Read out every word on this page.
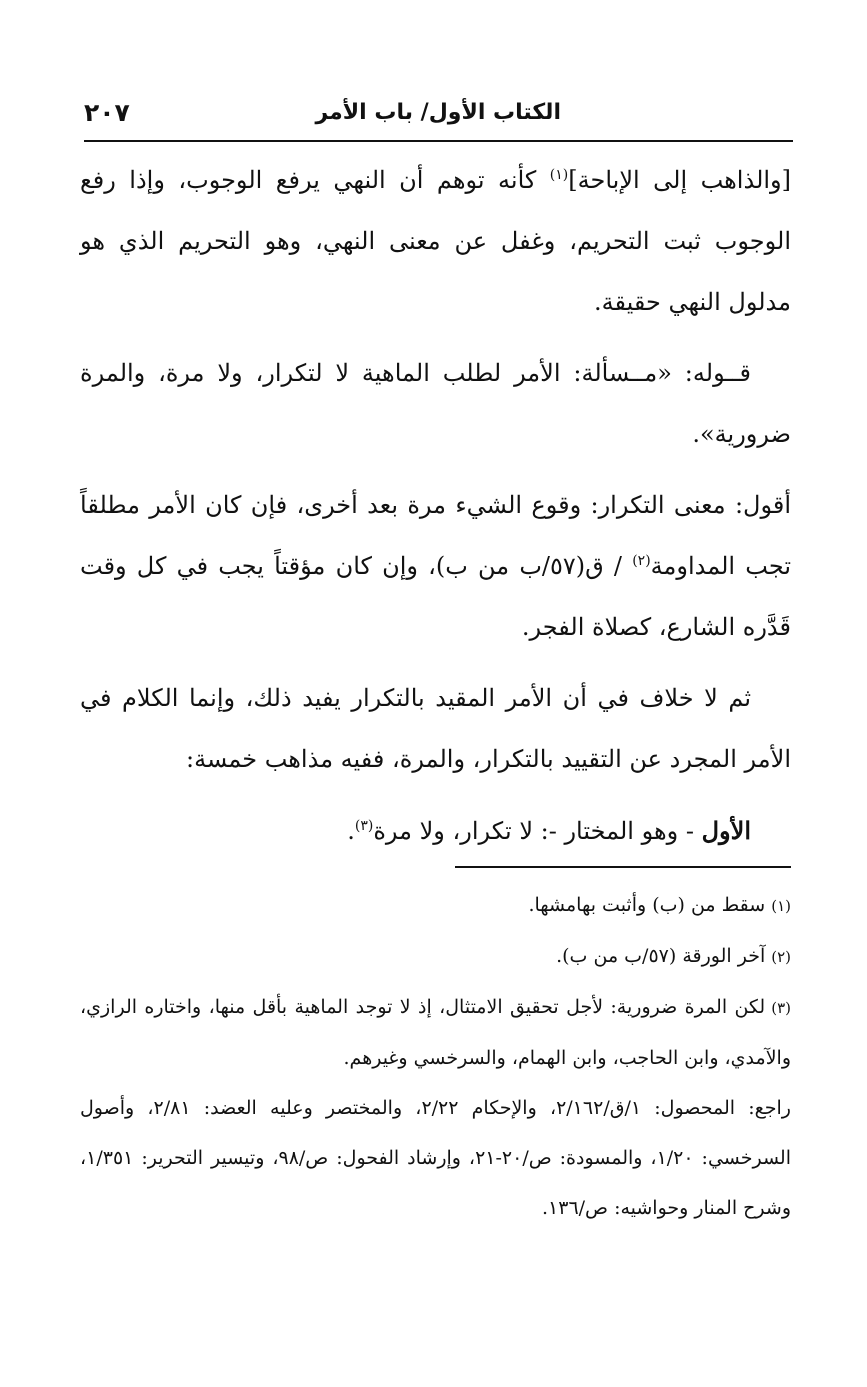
الكتاب الأول/ باب الأمر
٢٠٧

[والذاهب إلى الإباحة]$^{(١)}$ كأنه توهم أن النهي يرفع الوجوب، وإذا رفع الوجوب ثبت التحريم، وغفل عن معنى النهي، وهو التحريم الذي هو مدلول النهي حقيقة.

قــوله: «مــسألة: الأمر لطلب الماهية لا لتكرار، ولا مرة، والمرة ضرورية».

أقول: معنى التكرار: وقوع الشيء مرة بعد أخرى، فإن كان الأمر مطلقاً تجب المداومة$^{(٢)}$ / ق(٥٧/ب من ب)، وإن كان مؤقتاً يجب في كل وقت قَدَّره الشارع، كصلاة الفجر.

ثم لا خلاف في أن الأمر المقيد بالتكرار يفيد ذلك، وإنما الكلام في الأمر المجرد عن التقييد بالتكرار، والمرة، ففيه مذاهب خمسة:

الأول - وهو المختار -: لا تكرار، ولا مرة$^{(٣)}$.

(١)سقط من (ب) وأثبت بهامشها.

(٢)آخر الورقة (٥٧/ب من ب).

(٣)لكن المرة ضرورية: لأجل تحقيق الامتثال، إذ لا توجد الماهية بأقل منها، واختاره الرازي، والآمدي، وابن الحاجب، وابن الهمام، والسرخسي وغيرهم.

راجع: المحصول: ١/ق/٢/١٦٢، والإحكام ٢/٢٢، والمختصر وعليه العضد: ٢/٨١، وأصول السرخسي: ١/٢٠، والمسودة: ص/٢٠-٢١، وإرشاد الفحول: ص/٩٨، وتيسير التحرير: ١/٣٥١، وشرح المنار وحواشيه: ص/١٣٦.
